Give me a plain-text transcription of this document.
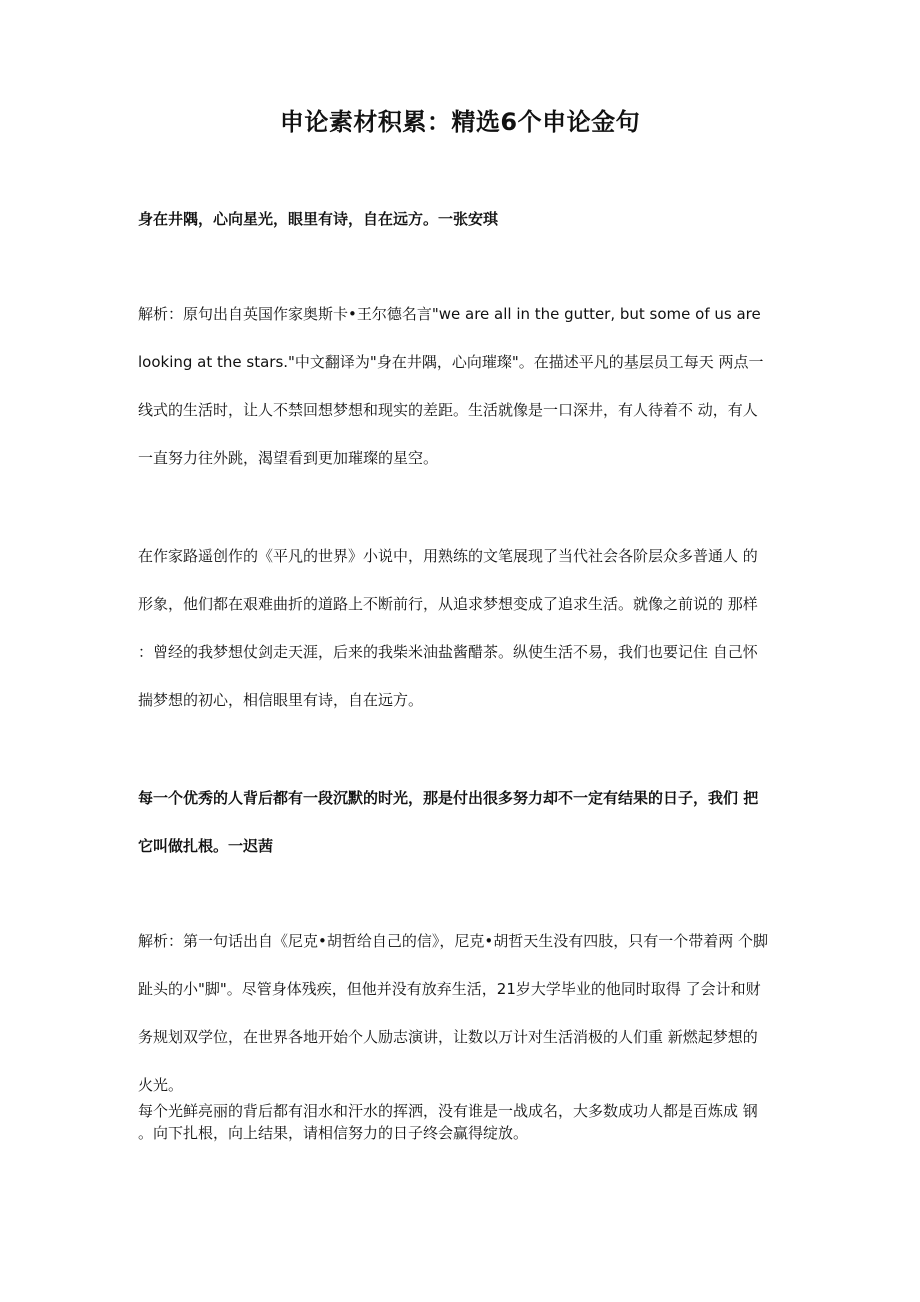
申论素材积累：精选6个申论金句
身在井隅，心向星光，眼里有诗，自在远方。一张安琪
解析：原句出自英国作家奥斯卡•王尔德名言"we are all in the gutter, but some of us are
looking at the stars."中文翻译为"身在井隅，心向璀璨"。在描述平凡的基层员工每天 两点一
线式的生活时，让人不禁回想梦想和现实的差距。生活就像是一口深井，有人待着不 动，有人
一直努力往外跳，渴望看到更加璀璨的星空。
在作家路遥创作的《平凡的世界》小说中，用熟练的文笔展现了当代社会各阶层众多普通人 的
形象，他们都在艰难曲折的道路上不断前行，从追求梦想变成了追求生活。就像之前说的 那样
：曾经的我梦想仗剑走天涯，后来的我柴米油盐酱醋茶。纵使生活不易，我们也要记住 自己怀
揣梦想的初心，相信眼里有诗，自在远方。
每一个优秀的人背后都有一段沉默的时光，那是付出很多努力却不一定有结果的日子，我们 把
它叫做扎根。一迟茜
解析：第一句话出自《尼克•胡哲给自己的信》，尼克•胡哲天生没有四肢，只有一个带着两 个脚
趾头的小"脚"。尽管身体残疾，但他并没有放弃生活，21岁大学毕业的他同时取得 了会计和财
务规划双学位，在世界各地开始个人励志演讲，让数以万计对生活消极的人们重 新燃起梦想的
火光。
每个光鲜亮丽的背后都有泪水和汗水的挥洒，没有谁是一战成名，大多数成功人都是百炼成 钢
。向下扎根，向上结果，请相信努力的日子终会赢得绽放。
